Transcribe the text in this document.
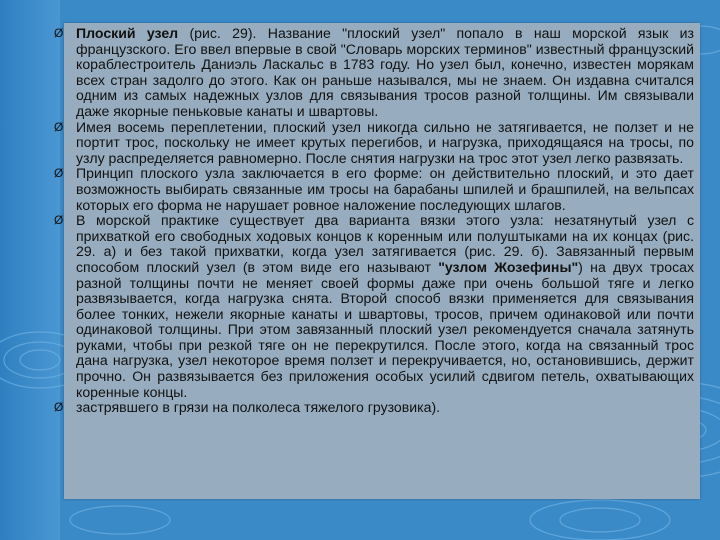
Ø Плоский узел (рис. 29). Название "плоский узел" попало в наш морской язык из французского. Его ввел впервые в свой "Словарь морских терминов" известный французский кораблестроитель Даниэль Ласкальс в 1783 году. Но узел был, конечно, известен морякам всех стран задолго до этого. Как он раньше назывался, мы не знаем. Он издавна считался одним из самых надежных узлов для связывания тросов разной толщины. Им связывали даже якорные пеньковые канаты и швартовы.

Ø Имея восемь переплетении, плоский узел никогда сильно не затягивается, не ползет и не портит трос, поскольку не имеет крутых перегибов, и нагрузка, приходящаяся на тросы, по узлу распределяется равномерно. После снятия нагрузки на трос этот узел легко развязать.

Ø Принцип плоского узла заключается в его форме: он действительно плоский, и это дает возможность выбирать связанные им тросы на барабаны шпилей и брашпилей, на вельпсах которых его форма не нарушает ровное наложение последующих шлагов.

Ø В морской практике существует два варианта вязки этого узла: незатянутый узел с прихваткой его свободных ходовых концов к коренным или полуштыками на их концах (рис. 29. а) и без такой прихватки, когда узел затягивается (рис. 29. б). Завязанный первым способом плоский узел (в этом виде его называют "узлом Жозефины") на двух тросах разной толщины почти не меняет своей формы даже при очень большой тяге и легко развязывается, когда нагрузка снята. Второй способ вязки применяется для связывания более тонких, нежели якорные канаты и швартовы, тросов, причем одинаковой или почти одинаковой толщины. При этом завязанный плоский узел рекомендуется сначала затянуть руками, чтобы при резкой тяге он не перекрутился. После этого, когда на связанный трос дана нагрузка, узел некоторое время ползет и перекручивается, но, остановившись, держит прочно. Он развязывается без приложения особых усилий сдвигом петель, охватывающих коренные концы.

Ø застрявшего в грязи на полколеса тяжелого грузовика).
